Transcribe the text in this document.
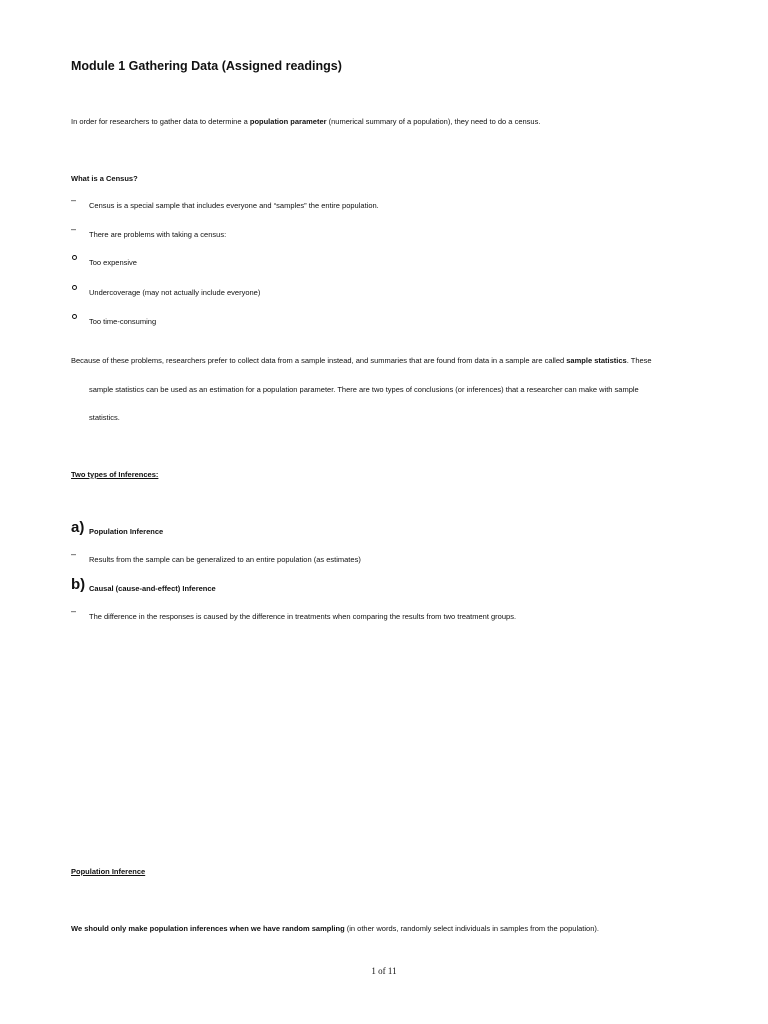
Module 1 Gathering Data (Assigned readings)
In order for researchers to gather data to determine a population parameter (numerical summary of a population), they need to do a census.
What is a Census?
–
Census is a special sample that includes everyone and “samples” the entire population.
–
There are problems with taking a census:
Too expensive
Undercoverage (may not actually include everyone)
Too time-consuming
Because of these problems, researchers prefer to collect data from a sample instead, and summaries that are found from data in a sample are called sample statistics. These
sample statistics can be used as an estimation for a population parameter. There are two types of conclusions (or inferences) that a researcher can make with sample
statistics.
Two types of Inferences:
a) Population Inference
–
Results from the sample can be generalized to an entire population (as estimates)
b) Causal (cause-and-effect) Inference
–
The difference in the responses is caused by the difference in treatments when comparing the results from two treatment groups.
Population Inference
We should only make population inferences when we have random sampling (in other words, randomly select individuals in samples from the population).
1 of 11
